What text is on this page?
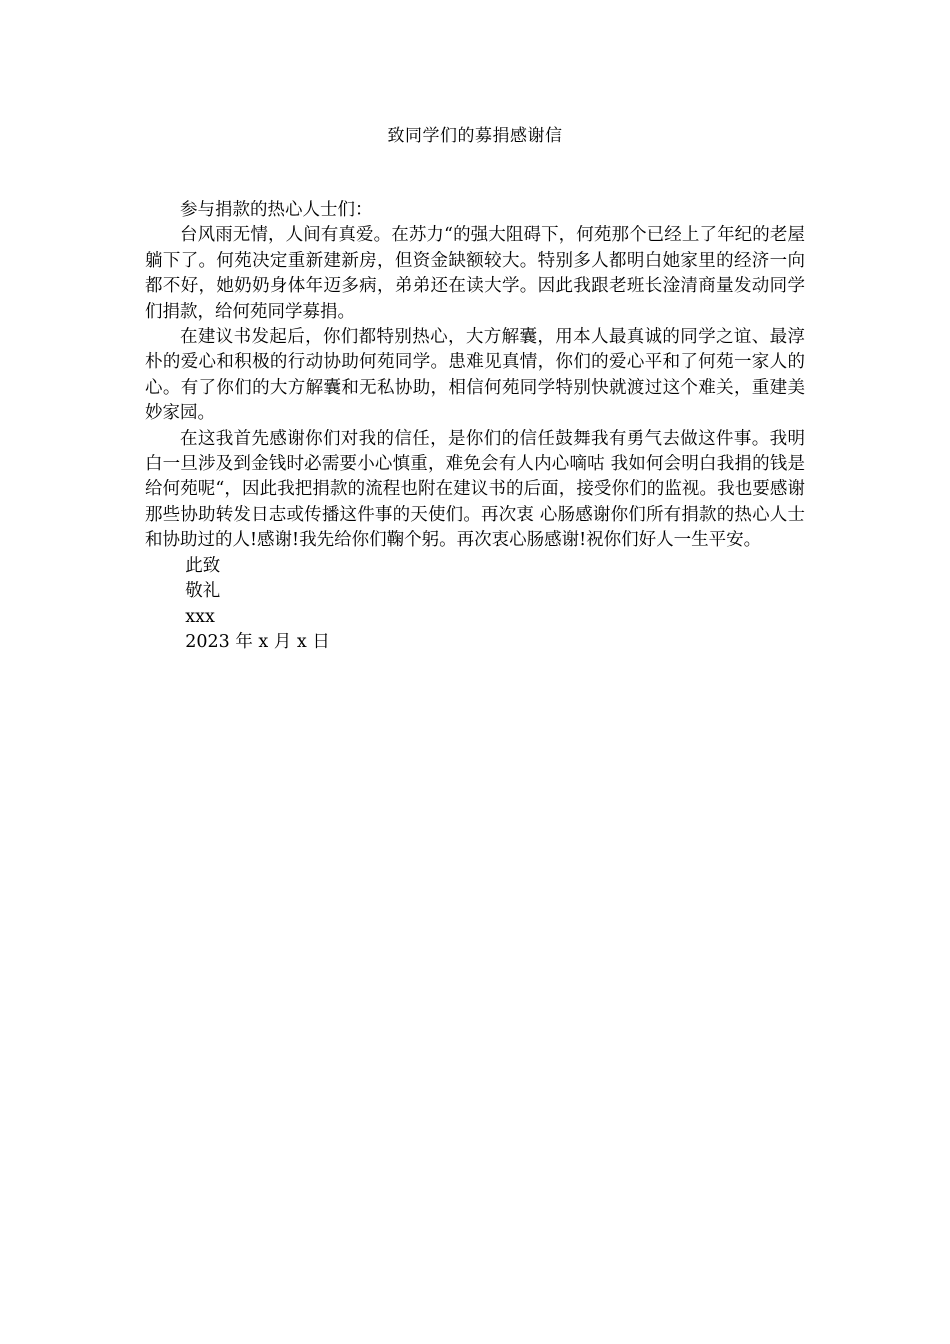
致同学们的募捐感谢信

参与捐款的热心人士们：

台风雨无情，人间有真爱。在苏力“的强大阻碍下，何苑那个已经上了年纪的老屋躺下了。何苑决定重新建新房，但资金缺额较大。特别多人都明白她家里的经济一向都不好，她奶奶身体年迈多病，弟弟还在读大学。因此我跟老班长淦清商量发动同学们捐款，给何苑同学募捐。

在建议书发起后，你们都特别热心，大方解囊，用本人最真诚的同学之谊、最淳朴的爱心和积极的行动协助何苑同学。患难见真情，你们的爱心平和了何苑一家人的心。有了你们的大方解囊和无私协助，相信何苑同学特别快就渡过这个难关，重建美妙家园。

在这我首先感谢你们对我的信任，是你们的信任鼓舞我有勇气去做这件事。我明白一旦涉及到金钱时必需要小心慎重，难免会有人内心嘀咕 我如何会明白我捐的钱是给何苑呢“，因此我把捐款的流程也附在建议书的后面，接受你们的监视。我也要感谢那些协助转发日志或传播这件事的天使们。再次衷 心肠感谢你们所有捐款的热心人士和协助过的人!感谢!我先给你们鞠个躬。再次衷心肠感谢!祝你们好人一生平安。

此致

敬礼

xxx

2023 年 x 月 x 日
